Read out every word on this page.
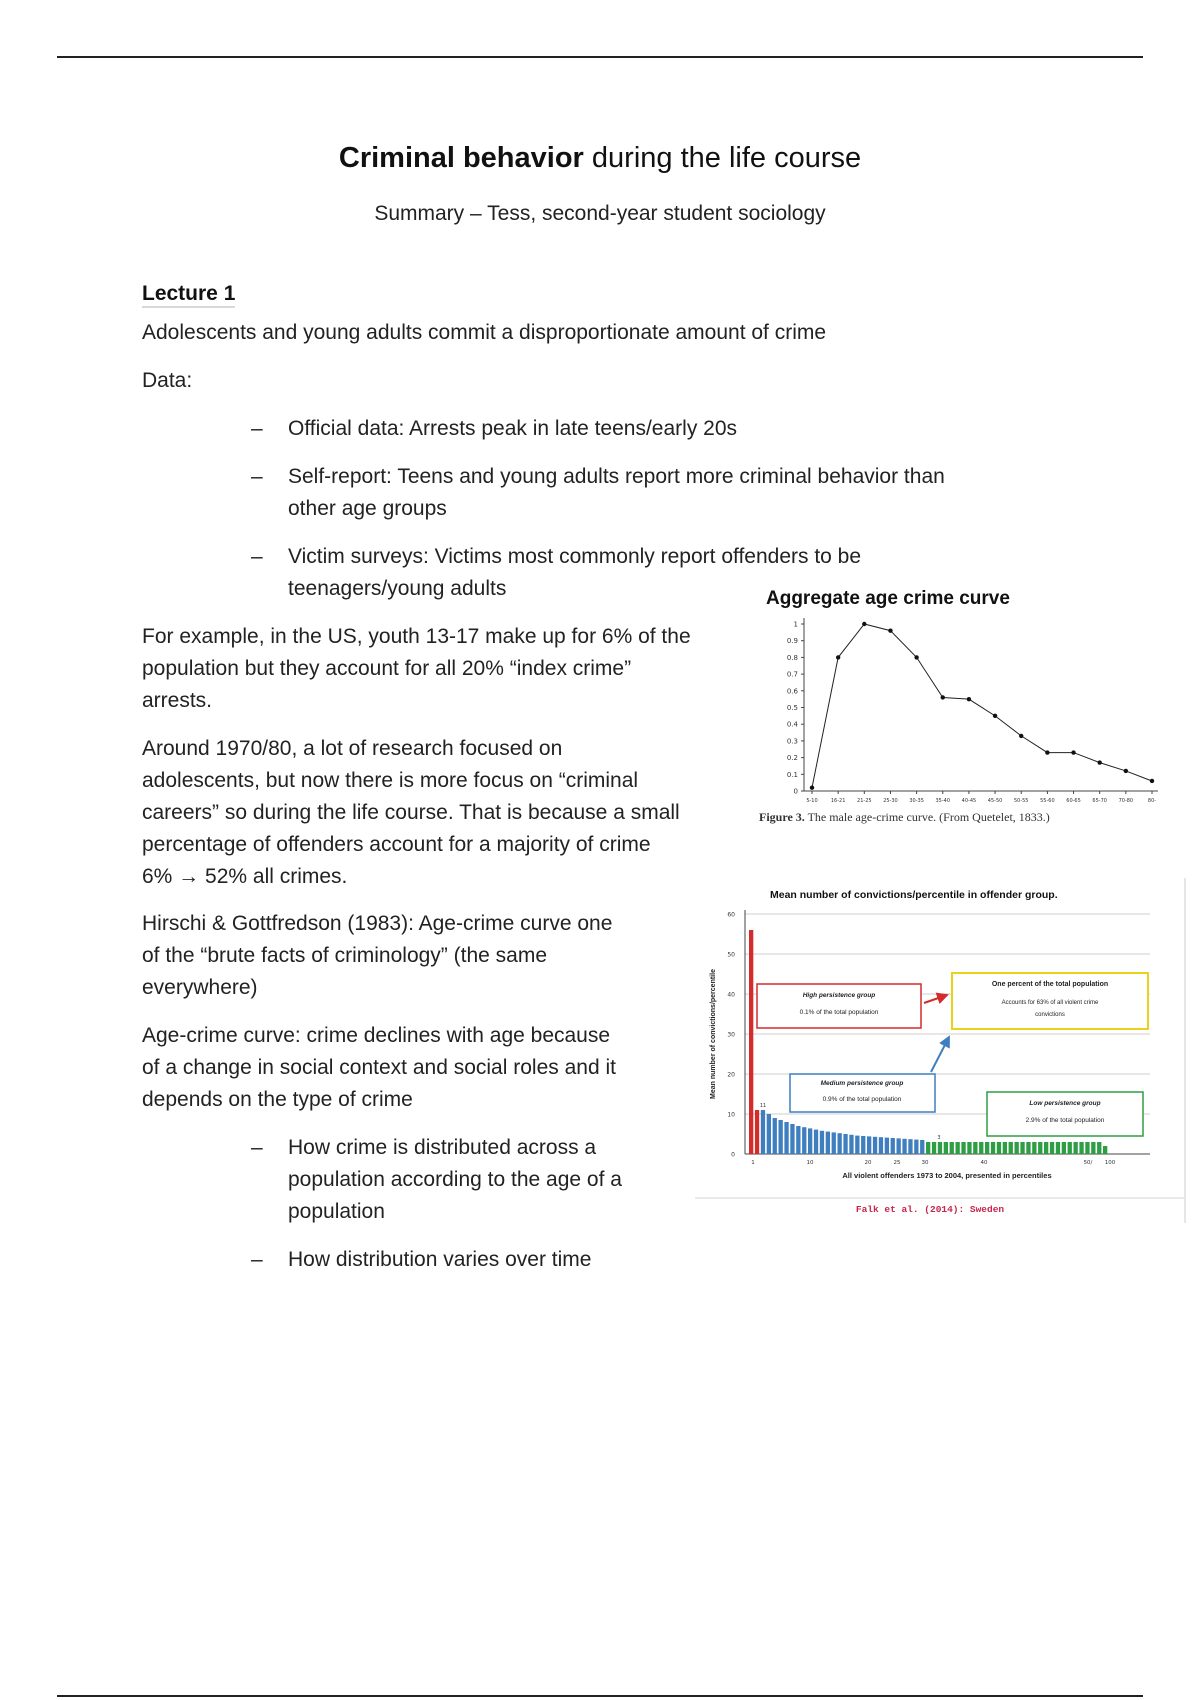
Criminal behavior during the life course
Summary – Tess, second-year student sociology
Lecture 1
Adolescents and young adults commit a disproportionate amount of crime
Data:
– Official data: Arrests peak in late teens/early 20s
– Self-report: Teens and young adults report more criminal behavior than
other age groups
– Victim surveys: Victims most commonly report offenders to be
teenagers/young adults
For example, in the US, youth 13-17 make up for 6% of the
population but they account for all 20% “index crime”
arrests.
Around 1970/80, a lot of research focused on
adolescents, but now there is more focus on “criminal
careers” so during the life course. That is because a small
percentage of offenders account for a majority of crime
6% → 52% all crimes.
Hirschi & Gottfredson (1983): Age-crime curve one
of the “brute facts of criminology” (the same
everywhere)
Age-crime curve: crime declines with age because
of a change in social context and social roles and it
depends on the type of crime
– How crime is distributed across a
population according to the age of a
population
– How distribution varies over time
Aggregate age crime curve
0
0.1
0.2
0.3
0.4
0.5
0.6
0.7
0.8
0.9
1
5-10	16-21 21-25 25-30 30-35 35-40 40-45 45-50 50-55 55-60 60-65 65-70 70-80	80-
Figure 3. The male age-crime curve. (From Quetelet, 1833.)
Mean number of convictions/percentile in offender group.
0
10
20
30
40
50
60
Mean number of convictions/percentile
11
3
1	10	20	25	30	40	50/ 100
All violent offenders 1973 to 2004, presented in percentiles
High persistence group
0.1% of the total population
One percent of the total population
Accounts for 63% of all violent crime
convictions
Medium persistence group
0.9% of the total population
Low persistence group
2.9% of the total population
Falk et al. (2014): Sweden
